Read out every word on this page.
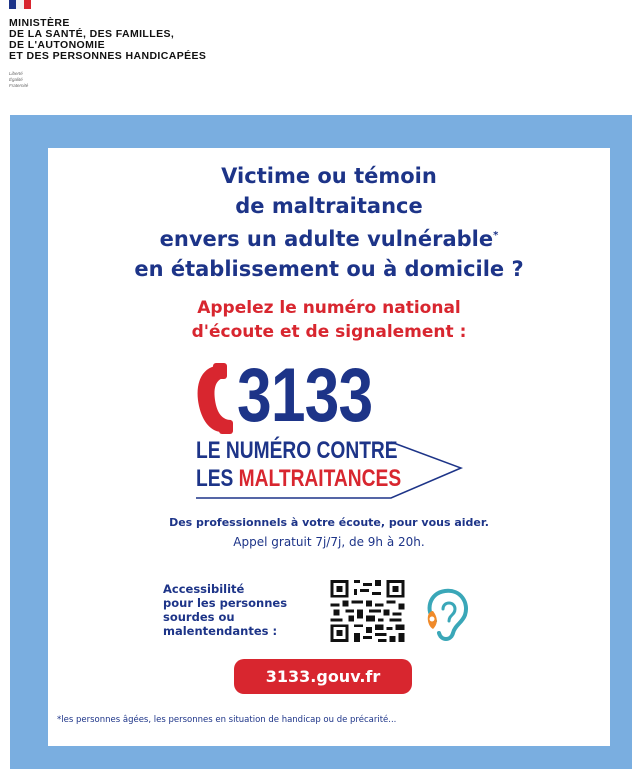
MINISTÈRE
DE LA SANTÉ, DES FAMILLES,
DE L'AUTONOMIE
ET DES PERSONNES HANDICAPÉES
Liberté
Égalité
Fraternité
Victime ou témoin
de maltraitance
envers un adulte vulnérable*
en établissement ou à domicile ?
Appelez le numéro national
d'écoute et de signalement :
3133
LE NUMÉRO CONTRE
LES MALTRAITANCES
Des professionnels à votre écoute, pour vous aider.
Appel gratuit 7j/7j, de 9h à 20h.
Accessibilité
pour les personnes
sourdes ou
malentendantes :
3133.gouv.fr
*les personnes âgées, les personnes en situation de handicap ou de précarité...
